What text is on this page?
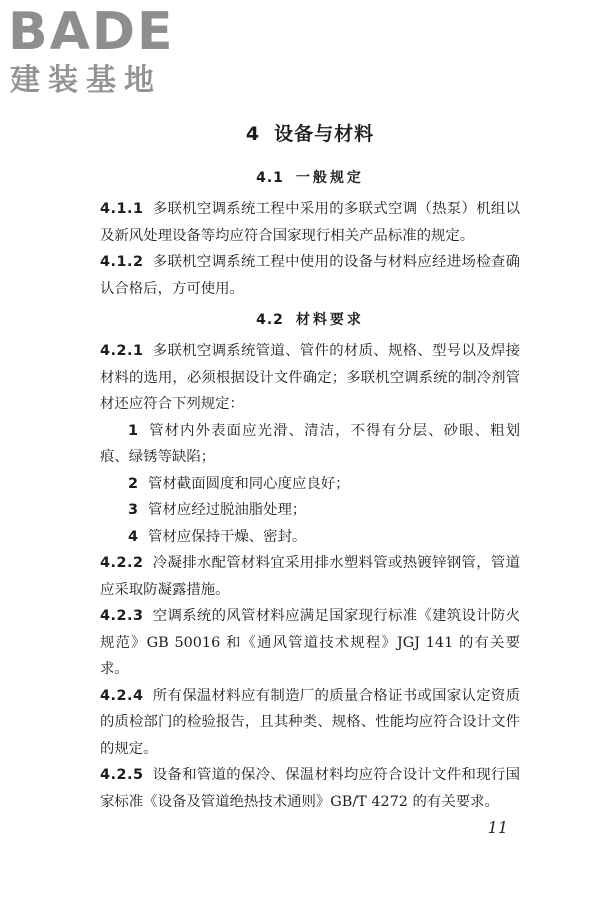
BADE
建装基地
4 设备与材料
4.1 一般规定

4.1.1 多联机空调系统工程中采用的多联式空调（热泵）机组以及新风处理设备等均应符合国家现行相关产品标准的规定。

4.1.2 多联机空调系统工程中使用的设备与材料应经进场检查确认合格后，方可使用。

4.2 材料要求

4.2.1 多联机空调系统管道、管件的材质、规格、型号以及焊接材料的选用，必须根据设计文件确定；多联机空调系统的制冷剂管材还应符合下列规定：

1 管材内外表面应光滑、清洁，不得有分层、砂眼、粗划痕、绿锈等缺陷；

2 管材截面圆度和同心度应良好；

3 管材应经过脱油脂处理；

4 管材应保持干燥、密封。

4.2.2 冷凝排水配管材料宜采用排水塑料管或热镀锌钢管，管道应采取防凝露措施。

4.2.3 空调系统的风管材料应满足国家现行标准《建筑设计防火规范》GB 50016 和《通风管道技术规程》JGJ 141 的有关要求。

4.2.4 所有保温材料应有制造厂的质量合格证书或国家认定资质的质检部门的检验报告，且其种类、规格、性能均应符合设计文件的规定。

4.2.5 设备和管道的保冷、保温材料均应符合设计文件和现行国家标准《设备及管道绝热技术通则》GB/T 4272 的有关要求。

11
